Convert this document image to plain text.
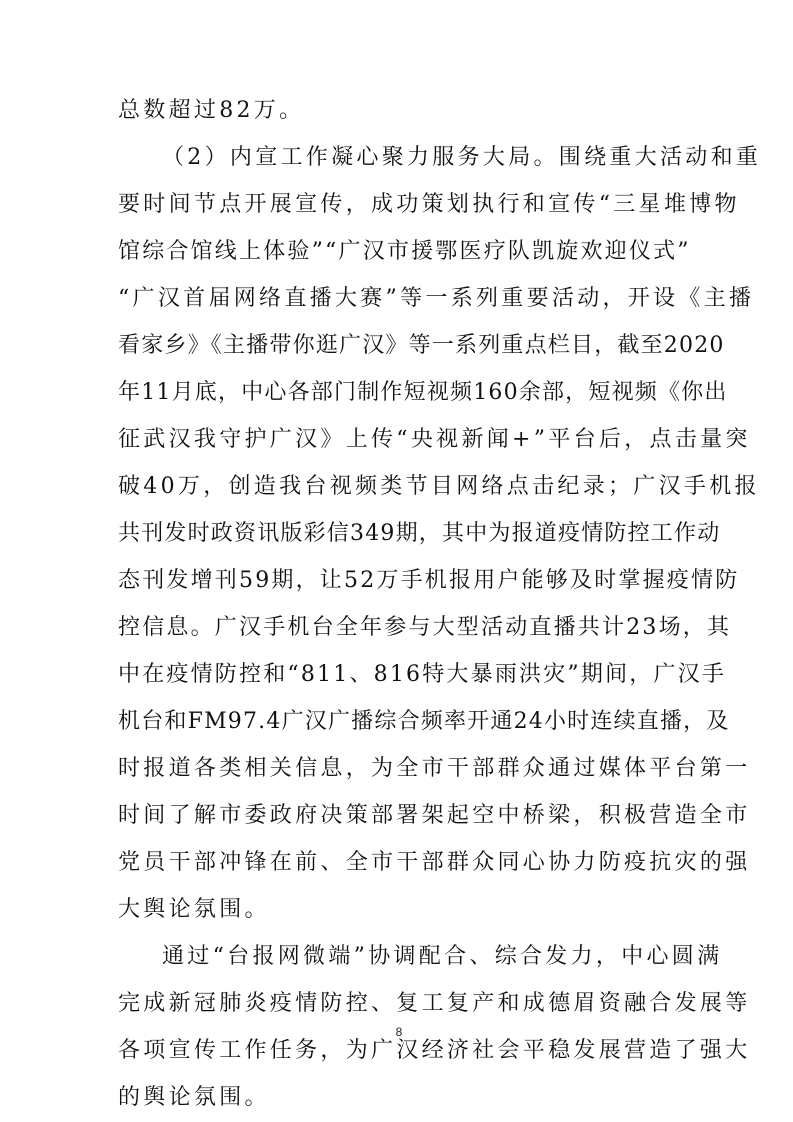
总数超过82万。
（2）内宣工作凝心聚力服务大局。围绕重大活动和重
要时间节点开展宣传，成功策划执行和宣传“三星堆博物
馆综合馆线上体验”“广汉市援鄂医疗队凯旋欢迎仪式”
“广汉首届网络直播大赛”等一系列重要活动，开设《主播
看家乡》《主播带你逛广汉》等一系列重点栏目，截至2020
年11月底，中心各部门制作短视频160余部，短视频《你出
征武汉我守护广汉》上传“央视新闻+”平台后，点击量突
破40万，创造我台视频类节目网络点击纪录；广汉手机报
共刊发时政资讯版彩信349期，其中为报道疫情防控工作动
态刊发增刊59期，让52万手机报用户能够及时掌握疫情防
控信息。广汉手机台全年参与大型活动直播共计23场，其
中在疫情防控和“811、816特大暴雨洪灾”期间，广汉手
机台和FM97.4广汉广播综合频率开通24小时连续直播，及
时报道各类相关信息，为全市干部群众通过媒体平台第一
时间了解市委政府决策部署架起空中桥梁，积极营造全市
党员干部冲锋在前、全市干部群众同心协力防疫抗灾的强
大舆论氛围。
通过“台报网微端”协调配合、综合发力，中心圆满
完成新冠肺炎疫情防控、复工复产和成德眉资融合发展等
各项宣传工作任务，为广汉经济社会平稳发展营造了强大
的舆论氛围。
8
